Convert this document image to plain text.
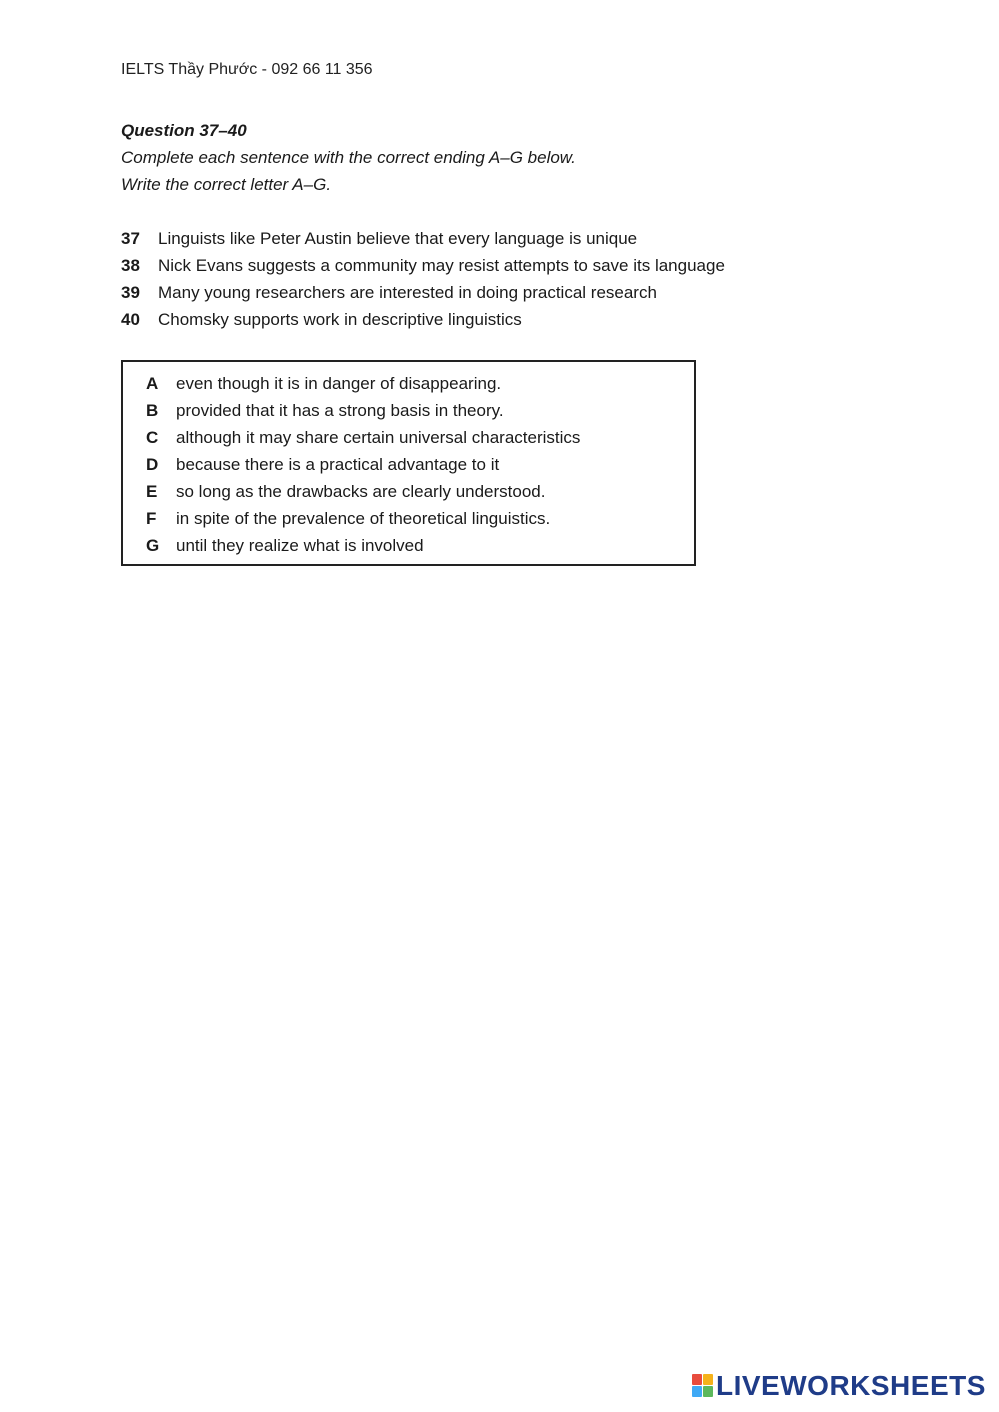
IELTS Thầy Phước - 092 66 11 356
Question 37–40
Complete each sentence with the correct ending A–G below.
Write the correct letter A–G.
37	Linguists like Peter Austin believe that every language is unique
38	Nick Evans suggests a community may resist attempts to save its language
39	Many young researchers are interested in doing practical research
40	Chomsky supports work in descriptive linguistics
A	even though it is in danger of disappearing.
B	provided that it has a strong basis in theory.
C	although it may share certain universal characteristics
D	because there is a practical advantage to it
E	so long as the drawbacks are clearly understood.
F	in spite of the prevalence of theoretical linguistics.
G until they realize what is involved
LIVEWORKSHEETS
